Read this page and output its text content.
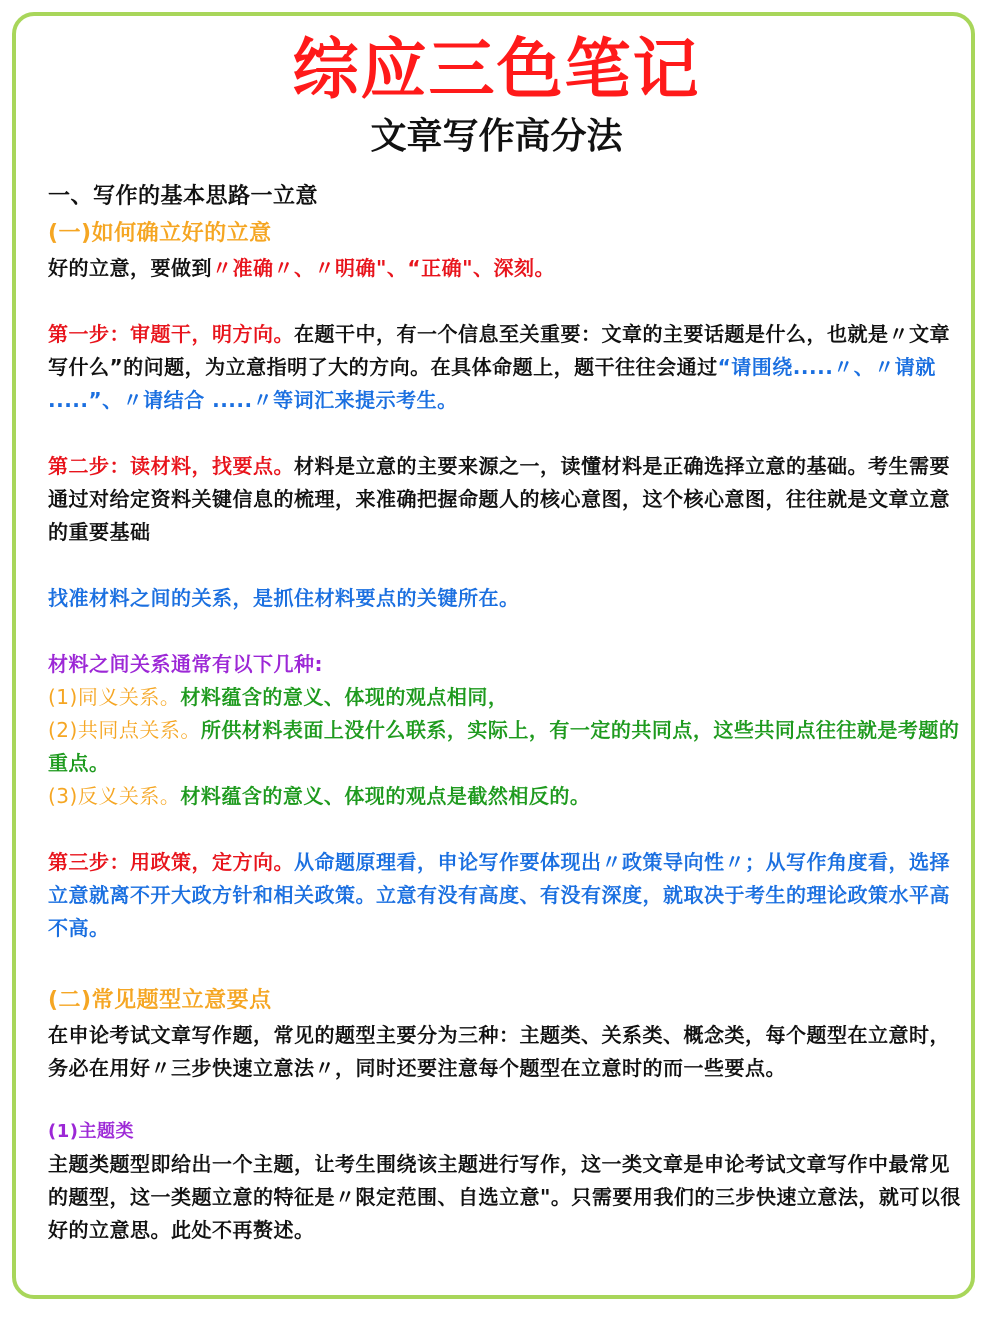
综应三色笔记
文章写作高分法

一、写作的基本思路一立意

(一)如何确立好的立意

好的立意，要做到〃准确〃、〃明确"、“正确"、深刻。

第一步：审题干，明方向。在题干中，有一个信息至关重要：文章的主要话题是什么，也就是〃文章写什么”的问题，为立意指明了大的方向。在具体命题上，题干往往会通过“请围绕.....〃、〃请就 .....”、〃请结合 .....〃等词汇来提示考生。

第二步：读材料，找要点。材料是立意的主要来源之一，读懂材料是正确选择立意的基础。考生需要通过对给定资料关键信息的梳理，来准确把握命题人的核心意图，这个核心意图，往往就是文章立意的重要基础

找准材料之间的关系，是抓住材料要点的关键所在。

材料之间关系通常有以下几种:

(1)同义关系。材料蕴含的意义、体现的观点相同，

(2)共同点关系。所供材料表面上没什么联系，实际上，有一定的共同点，这些共同点往往就是考题的重点。

(3)反义关系。材料蕴含的意义、体现的观点是截然相反的。

第三步：用政策，定方向。从命题原理看，申论写作要体现出〃政策导向性〃；从写作角度看，选择立意就离不开大政方针和相关政策。立意有没有高度、有没有深度，就取决于考生的理论政策水平高不高。

(二)常见题型立意要点

在申论考试文章写作题，常见的题型主要分为三种：主题类、关系类、概念类，每个题型在立意时，务必在用好〃三步快速立意法〃，同时还要注意每个题型在立意时的而一些要点。

(1)主题类

主题类题型即给出一个主题，让考生围绕该主题进行写作，这一类文章是申论考试文章写作中最常见的题型，这一类题立意的特征是〃限定范围、自选立意"。只需要用我们的三步快速立意法，就可以很好的立意思。此处不再赘述。
